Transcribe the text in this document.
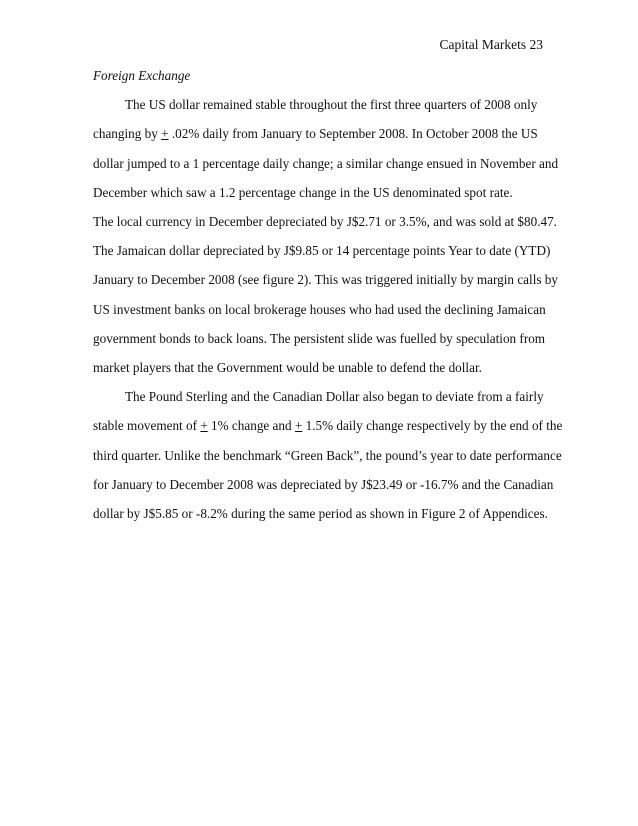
Capital Markets 23
Foreign Exchange

The US dollar remained stable throughout the first three quarters of 2008 only
changing by + .02% daily from January to September 2008. In October 2008 the US
dollar jumped to a 1 percentage daily change; a similar change ensued in November and
December which saw a 1.2 percentage change in the US denominated spot rate.

The local currency in December depreciated by J$2.71 or 3.5%, and was sold at $80.47.
The Jamaican dollar depreciated by J$9.85 or 14 percentage points Year to date (YTD)
January to December 2008 (see figure 2). This was triggered initially by margin calls by
US investment banks on local brokerage houses who had used the declining Jamaican
government bonds to back loans. The persistent slide was fuelled by speculation from
market players that the Government would be unable to defend the dollar.

The Pound Sterling and the Canadian Dollar also began to deviate from a fairly
stable movement of + 1% change and + 1.5% daily change respectively by the end of the
third quarter. Unlike the benchmark “Green Back”, the pound’s year to date performance
for January to December 2008 was depreciated by J$23.49 or -16.7% and the Canadian
dollar by J$5.85 or -8.2% during the same period as shown in Figure 2 of Appendices.
